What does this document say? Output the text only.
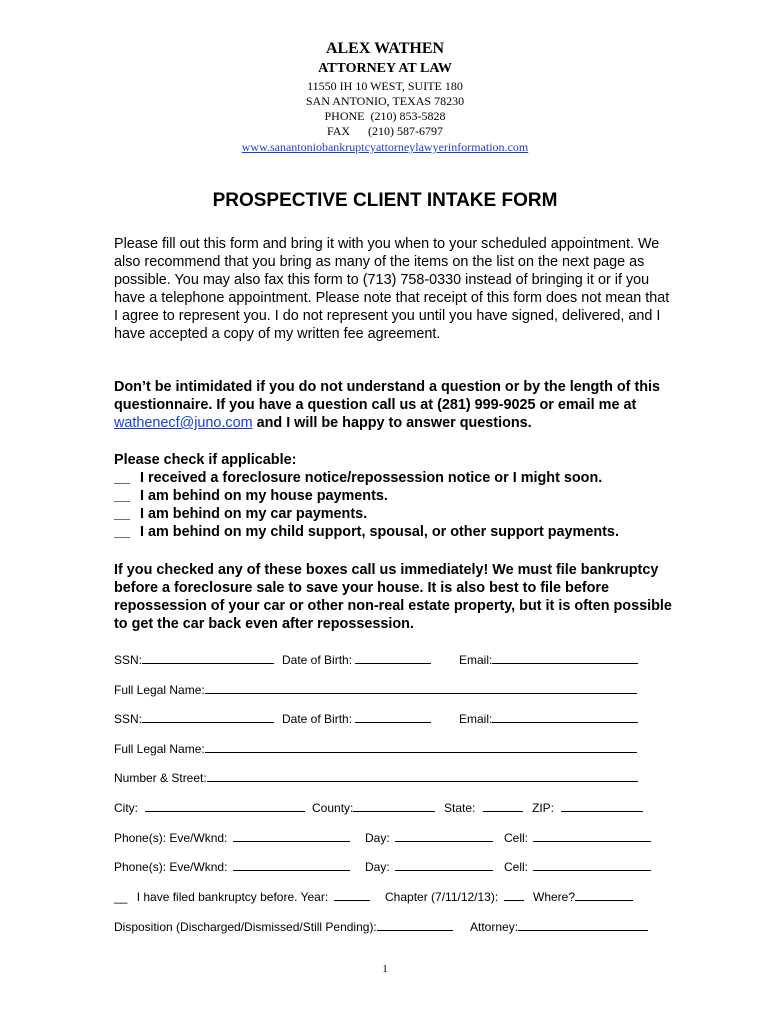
ALEX WATHEN
ATTORNEY AT LAW
11550 IH 10 WEST, SUITE 180
SAN ANTONIO, TEXAS 78230
PHONE  (210) 853-5828
FAX      (210) 587-6797
www.sanantoniobankruptcyattorneylawyerinformation.com
PROSPECTIVE CLIENT INTAKE FORM
Please fill out this form and bring it with you when to your scheduled appointment. We also recommend that you bring as many of the items on the list on the next page as possible. You may also fax this form to (713) 758-0330 instead of bringing it or if you have a telephone appointment. Please note that receipt of this form does not mean that I agree to represent you. I do not represent you until you have signed, delivered, and I have accepted a copy of my written fee agreement.
Don’t be intimidated if you do not understand a question or by the length of this questionnaire. If you have a question call us at (281) 999-9025 or email me at wathenecf@juno.com and I will be happy to answer questions.
Please check if applicable:
__ I received a foreclosure notice/repossession notice or I might soon.
__ I am behind on my house payments.
__ I am behind on my car payments.
__ I am behind on my child support, spousal, or other support payments.
If you checked any of these boxes call us immediately! We must file bankruptcy before a foreclosure sale to save your house. It is also best to file before repossession of your car or other non-real estate property, but it is often possible to get the car back even after repossession.
SSN:	Date of Birth:	Email:
Full Legal Name:
SSN:	Date of Birth:	Email:
Full Legal Name:
Number & Street:
City:	County:	State:	ZIP:
Phone(s): Eve/Wknd:	Day:	Cell:
Phone(s): Eve/Wknd:	Day:	Cell:
__ I have filed bankruptcy before. Year:	Chapter (7/11/12/13):	Where?
Disposition (Discharged/Dismissed/Still Pending):	Attorney:
1
